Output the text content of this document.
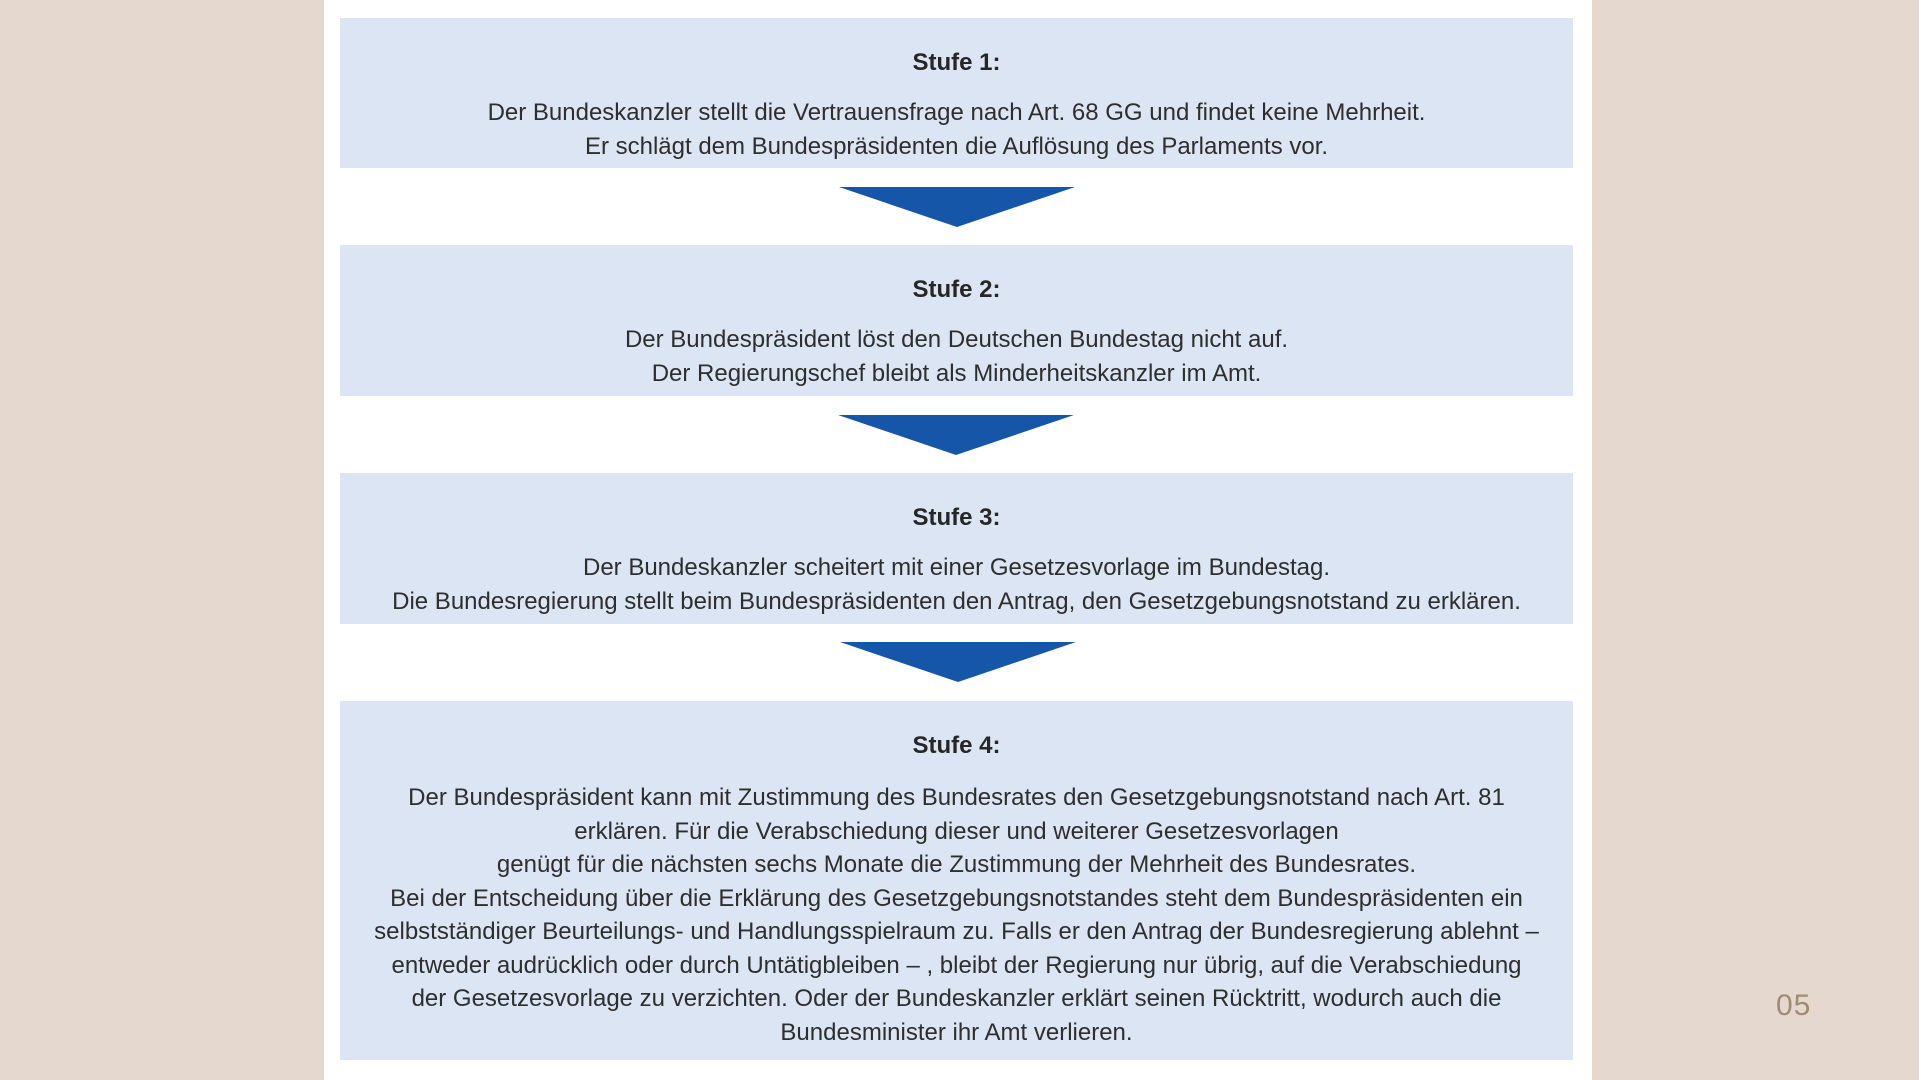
Stufe 1:
Der Bundeskanzler stellt die Vertrauensfrage nach Art. 68 GG und findet keine Mehrheit.
Er schlägt dem Bundespräsidenten die Auflösung des Parlaments vor.
Stufe 2:
Der Bundespräsident löst den Deutschen Bundestag nicht auf.
Der Regierungschef bleibt als Minderheitskanzler im Amt.
Stufe 3:
Der Bundeskanzler scheitert mit einer Gesetzesvorlage im Bundestag.
Die Bundesregierung stellt beim Bundespräsidenten den Antrag, den Gesetzgebungsnotstand zu erklären.
Stufe 4:
Der Bundespräsident kann mit Zustimmung des Bundesrates den Gesetzgebungsnotstand nach Art. 81
erklären. Für die Verabschiedung dieser und weiterer Gesetzesvorlagen
genügt für die nächsten sechs Monate die Zustimmung der Mehrheit des Bundesrates.
Bei der Entscheidung über die Erklärung des Gesetzgebungsnotstandes steht dem Bundespräsidenten ein
selbstständiger Beurteilungs- und Handlungsspielraum zu. Falls er den Antrag der Bundesregierung ablehnt –
entweder audrücklich oder durch Untätigbleiben – , bleibt der Regierung nur übrig, auf die Verabschiedung
der Gesetzesvorlage zu verzichten. Oder der Bundeskanzler erklärt seinen Rücktritt, wodurch auch die
Bundesminister ihr Amt verlieren.
05
